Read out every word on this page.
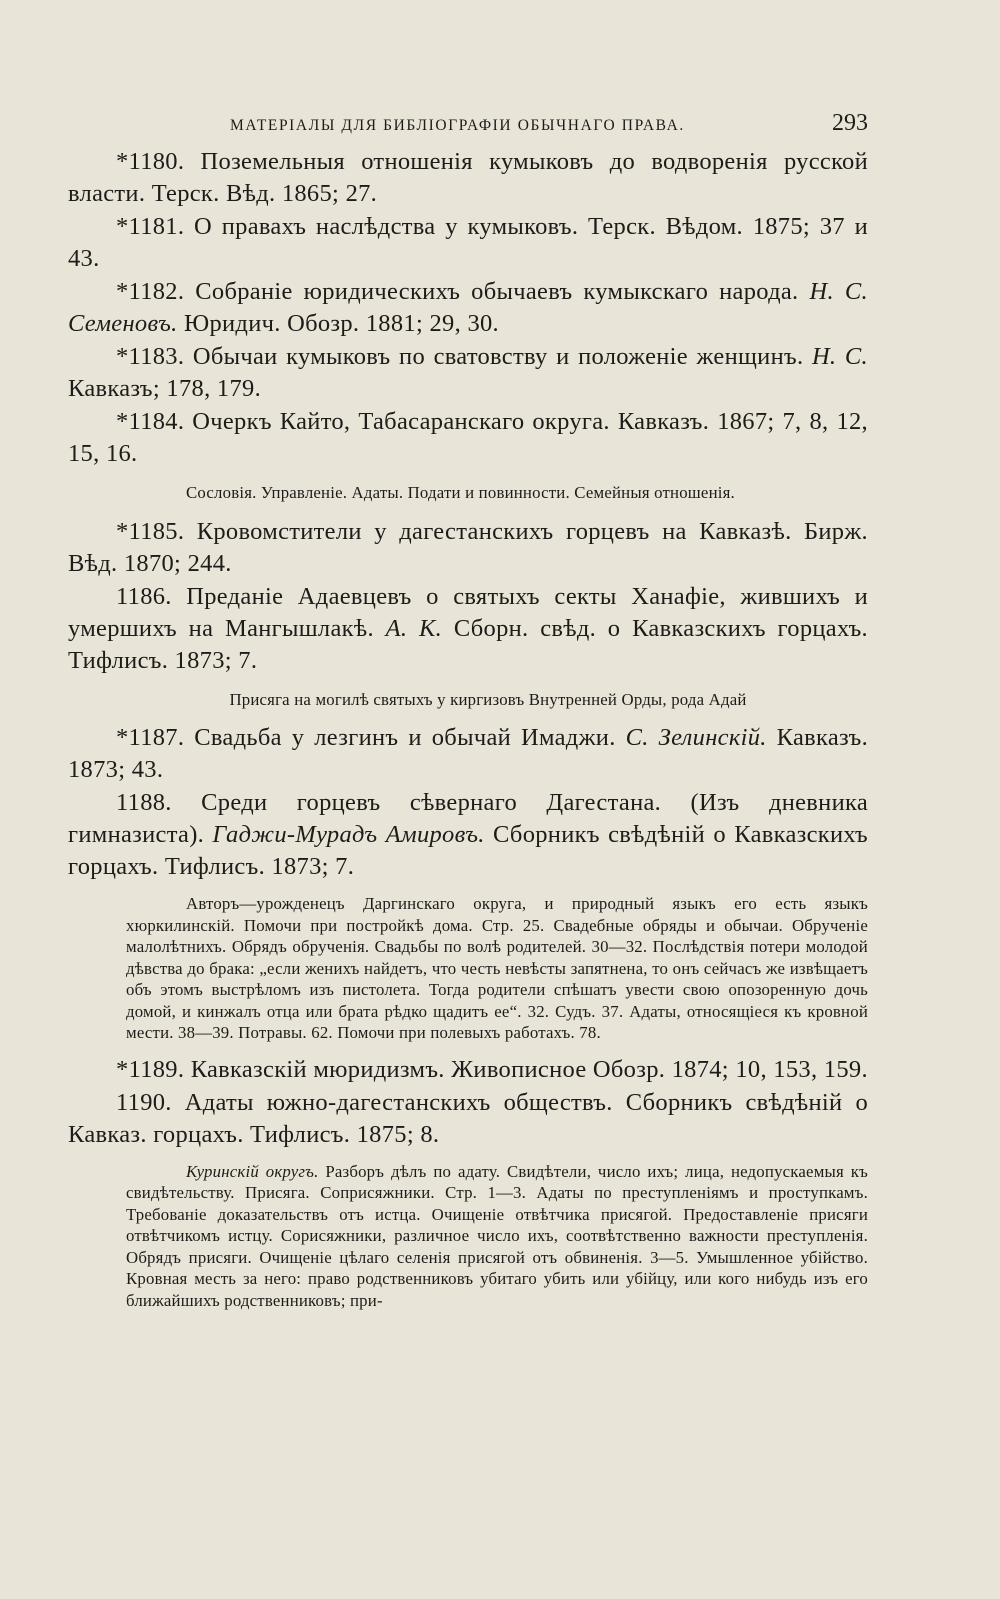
МАТЕРІАЛЫ ДЛЯ БИБЛІОГРАФІИ ОБЫЧНАГО ПРАВА.	293

*1180. Поземельныя отношенія кумыковъ до водворенія русской власти. Терск. Вѣд. 1865; 27.

*1181. О правахъ наслѣдства у кумыковъ. Терск. Вѣдом. 1875; 37 и 43.

*1182. Собраніе юридическихъ обычаевъ кумыкскаго народа. Н. С. Семеновъ. Юридич. Обозр. 1881; 29, 30.

*1183. Обычаи кумыковъ по сватовству и положеніе женщинъ. Н. С. Кавказъ; 178, 179.

*1184. Очеркъ Кайто, Табасаранскаго округа. Кавказъ. 1867; 7, 8, 12, 15, 16.

Сословія. Управленіе. Адаты. Подати и повинности. Семейныя отношенія.

*1185. Кровомстители у дагестанскихъ горцевъ на Кавказѣ. Бирж. Вѣд. 1870; 244.

1186. Преданіе Адаевцевъ о святыхъ секты Ханафіе, жившихъ и умершихъ на Мангышлакѣ. А. К. Сборн. свѣд. о Кавказскихъ горцахъ. Тифлисъ. 1873; 7.

Присяга на могилѣ святыхъ у киргизовъ Внутренней Орды, рода Адай

*1187. Свадьба у лезгинъ и обычай Имаджи. С. Зелинскій. Кавказъ. 1873; 43.

1188. Среди горцевъ сѣвернаго Дагестана. (Изъ дневника гимназиста). Гаджи-Мурадъ Амировъ. Сборникъ свѣдѣній о Кавказскихъ горцахъ. Тифлисъ. 1873; 7.

Авторъ—урожденецъ Даргинскаго округа, и природный языкъ его есть языкъ хюркилинскій. Помочи при постройкѣ дома. Стр. 25. Свадебные обряды и обычаи. Обрученіе малолѣтнихъ. Обрядъ обрученія. Свадьбы по волѣ родителей. 30—32. Послѣдствія потери молодой дѣвства до брака: „если женихъ найдетъ, что честь невѣсты запятнена, то онъ сейчасъ же извѣщаетъ объ этомъ выстрѣломъ изъ пистолета. Тогда родители спѣшатъ увести свою опозоренную дочь домой, и кинжалъ отца или брата рѣдко щадитъ ее“. 32. Судъ. 37. Адаты, относящіеся къ кровной мести. 38—39. Потравы. 62. Помочи при полевыхъ работахъ. 78.

*1189. Кавказскій мюридизмъ. Живописное Обозр. 1874; 10, 153, 159.

1190. Адаты южно-дагестанскихъ обществъ. Сборникъ свѣдѣній о Кавказ. горцахъ. Тифлисъ. 1875; 8.

Куринскій округъ. Разборъ дѣлъ по адату. Свидѣтели, число ихъ; лица, недопускаемыя къ свидѣтельству. Присяга. Соприсяжники. Стр. 1—3. Адаты по преступленіямъ и проступкамъ. Требованіе доказательствъ отъ истца. Очищеніе отвѣтчика присягой. Предоставленіе присяги отвѣтчикомъ истцу. Сорисяжники, различное число ихъ, соотвѣтственно важности преступленія. Обрядъ присяги. Очищеніе цѣлаго селенія присягой отъ обвиненія. 3—5. Умышленное убійство. Кровная месть за него: право родственниковъ убитаго убить или убійцу, или кого нибудь изъ его ближайшихъ родственниковъ; при-
